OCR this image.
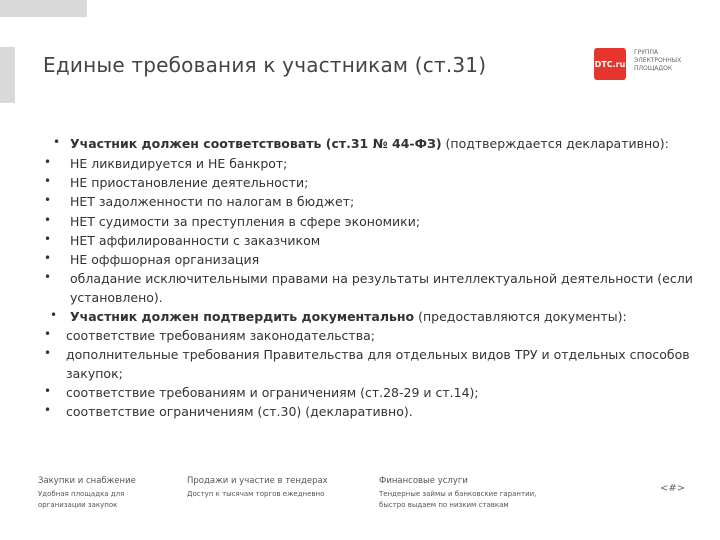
Единые требования к участникам (ст.31)	DTC.ru
ГРУППА
ЭЛЕКТРОННЫХ
ПЛОЩАДОК
• Участник должен соответствовать (ст.31 № 44-ФЗ) (подтверждается декларативно):
• НЕ ликвидируется и НЕ банкрот;
• НЕ приостановление деятельности;
• НЕТ задолженности по налогам в бюджет;
• НЕТ судимости за преступления в сфере экономики;
• НЕТ аффилированности с заказчиком
• НЕ оффшорная организация
• обладание исключительными правами на результаты интеллектуальной деятельности (если
установлено).
• Участник должен подтвердить документально (предоставляются документы):
• соответствие требованиям законодательства;
• дополнительные требования Правительства для отдельных видов ТРУ и отдельных способов
закупок;
• соответствие требованиям и ограничениям (ст.28-29 и ст.14);
• соответствие ограничениям (ст.30) (декларативно).
Закупки и снабжение
Удобная площадка для
организации закупок
Продажи и участие в тендерах
Доступ к тысячам торгов ежедневно
Финансовые услуги
Тендерные займы и банковские гарантии,
быстро выдаем по низким ставкам
<#>
